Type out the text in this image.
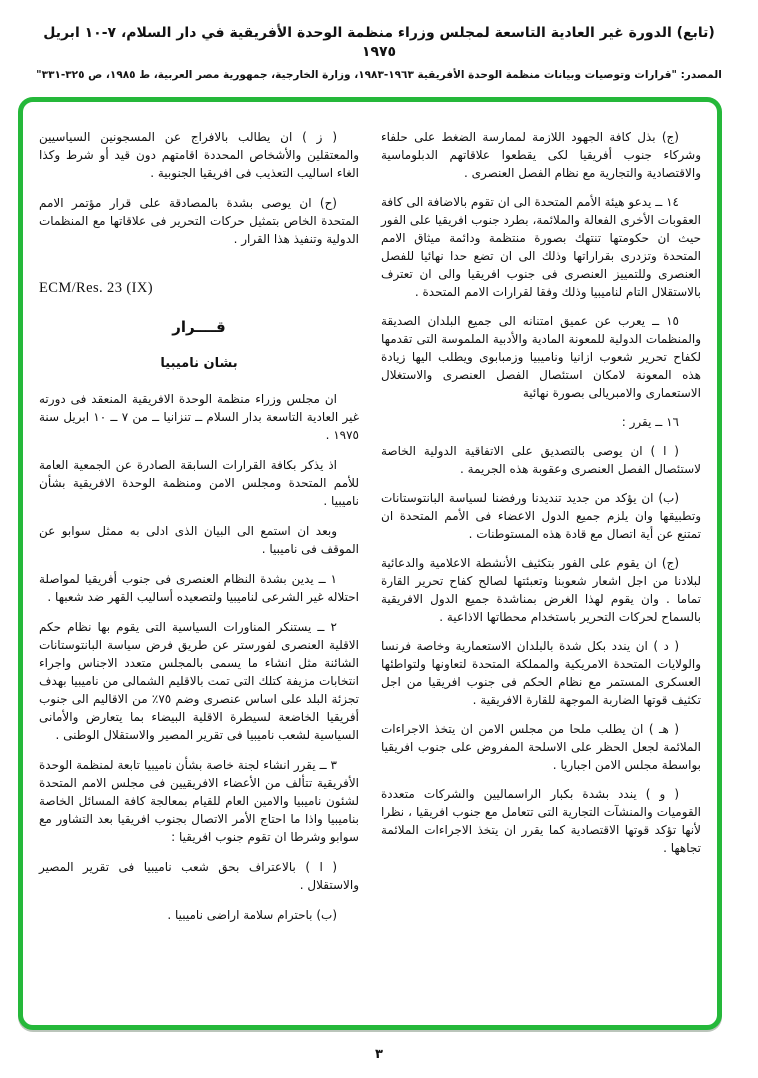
(تابع) الدورة غير العادية التاسعة لمجلس وزراء منظمة الوحدة الأفريقية في دار السلام، ٧-١٠ ابريل ١٩٧٥
المصدر: "قرارات وتوصيات وبيانات منظمة الوحدة الأفريقية ١٩٦٣-١٩٨٣، وزارة الخارجية، جمهورية مصر العربية، ط ١٩٨٥، ص ٣٢٥-٣٣١"

(ج) بذل كافة الجهود اللازمة لممارسة الضغط على حلفاء وشركاء جنوب أفريقيا لكى يقطعوا علاقاتهم الدبلوماسية والاقتصادية والتجارية مع نظام الفصل العنصرى .

١٤ ــ يدعو هيئة الأمم المتحدة الى ان تقوم بالاضافة الى كافة العقوبات الأخرى الفعالة والملائمة، بطرد جنوب افريقيا على الفور حيث ان حكومتها تنتهك بصورة منتظمة ودائمة ميثاق الامم المتحدة وتزدرى بقراراتها وذلك الى ان تضع حدا نهائيا للفصل العنصرى وللتمييز العنصرى فى جنوب افريقيا والى ان تعترف بالاستقلال التام لناميبيا وذلك وفقا لقرارات الامم المتحدة .

١٥ ــ يعرب عن عميق امتنانه الى جميع البلدان الصديقة والمنظمات الدولية للمعونة المادية والأدبية الملموسة التى تقدمها لكفاح تحرير شعوب ازانيا وناميبيا وزمبابوى ويطلب اليها زيادة هذه المعونة لامكان استئصال الفصل العنصرى والاستغلال الاستعمارى والامبريالى بصورة نهائية

١٦ ــ يقرر :

( ا ) ان يوصى بالتصديق على الاتفاقية الدولية الخاصة لاستئصال الفصل العنصرى وعقوبة هذه الجريمة .

(ب) ان يؤكد من جديد تنديدنا ورفضنا لسياسة البانتوستانات وتطبيقها وان يلزم جميع الدول الاعضاء فى الأمم المتحدة ان تمتنع عن أية اتصال مع قادة هذه المستوطنات .

(ج) ان يقوم على الفور بتكثيف الأنشطة الاعلامية والدعائية لبلادنا من اجل اشعار شعوبنا وتعبئتها لصالح كفاح تحرير القارة تماما . وان يقوم لهذا الغرض بمناشدة جميع الدول الافريقية بالسماح لحركات التحرير باستخدام محطاتها الاذاعية .

( د ) ان يندد بكل شدة بالبلدان الاستعمارية وخاصة فرنسا والولايات المتحدة الامريكية والمملكة المتحدة لتعاونها ولتواطئها العسكرى المستمر مع نظام الحكم فى جنوب افريقيا من اجل تكثيف قوتها الضاربة الموجهة للقارة الافريقية .

( هـ ) ان يطلب ملحا من مجلس الامن ان يتخذ الاجراءات الملائمة لجعل الحظر على الاسلحة المفروض على جنوب افريقيا بواسطة مجلس الامن اجباريا .

( و ) يندد بشدة بكبار الراسماليين والشركات متعددة القوميات والمنشآت التجارية التى تتعامل مع جنوب افريقيا ، نظرا لأنها تؤكد قوتها الاقتصادية كما يقرر ان يتخذ الاجراءات الملائمة تجاهها .

( ز ) ان يطالب بالافراج عن المسجونين السياسيين والمعتقلين والأشخاص المحددة اقامتهم دون قيد أو شرط وكذا الغاء اساليب التعذيب فى افريقيا الجنوبية .

(ح) ان يوصى بشدة بالمصادقة على قرار مؤتمر الامم المتحدة الخاص بتمثيل حركات التحرير فى علاقاتها مع المنظمات الدولية وتنفيذ هذا القرار .

ECM/Res. 23 (IX)

قــــرار
بشان ناميبيا

ان مجلس وزراء منظمة الوحدة الافريقية المنعقد فى دورته غير العادية التاسعة بدار السلام ــ تنزانيا ــ من ٧ ــ ١٠ ابريل سنة ١٩٧٥ .

اذ يذكر بكافة القرارات السابقة الصادرة عن الجمعية العامة للأمم المتحدة ومجلس الامن ومنظمة الوحدة الافريقية بشأن ناميبيا .

وبعد ان استمع الى البيان الذى ادلى به ممثل سوابو عن الموقف فى ناميبيا .

١ ــ يدين بشدة النظام العنصرى فى جنوب أفريقيا لمواصلة احتلاله غير الشرعى لناميبيا ولتصعيده أساليب القهر ضد شعبها .

٢ ــ يستنكر المناورات السياسية التى يقوم بها نظام حكم الاقلية العنصرى لفورستر عن طريق فرض سياسة البانتوستانات الشائنة مثل انشاء ما يسمى بالمجلس متعدد الاجناس واجراء انتخابات مزيفة كتلك التى تمت بالاقليم الشمالى من ناميبيا بهدف تجزئة البلد على اساس عنصرى وضم ٧٥٪ من الاقاليم الى جنوب أفريقيا الخاضعة لسيطرة الاقلية البيضاء بما يتعارض والأمانى السياسية لشعب ناميبيا فى تقرير المصير والاستقلال الوطنى .

٣ ــ يقرر انشاء لجنة خاصة بشأن ناميبيا تابعة لمنظمة الوحدة الأفريقية تتألف من الأعضاء الافريقيين فى مجلس الامم المتحدة لشئون ناميبيا والامين العام للقيام بمعالجة كافة المسائل الخاصة بناميبيا واذا ما احتاج الأمر الاتصال بجنوب افريقيا بعد التشاور مع سوابو وشرطا ان تقوم جنوب افريقيا :

( ا ) بالاعتراف بحق شعب ناميبيا فى تقرير المصير والاستقلال .

(ب) باحترام سلامة اراضى ناميبيا .

٣
